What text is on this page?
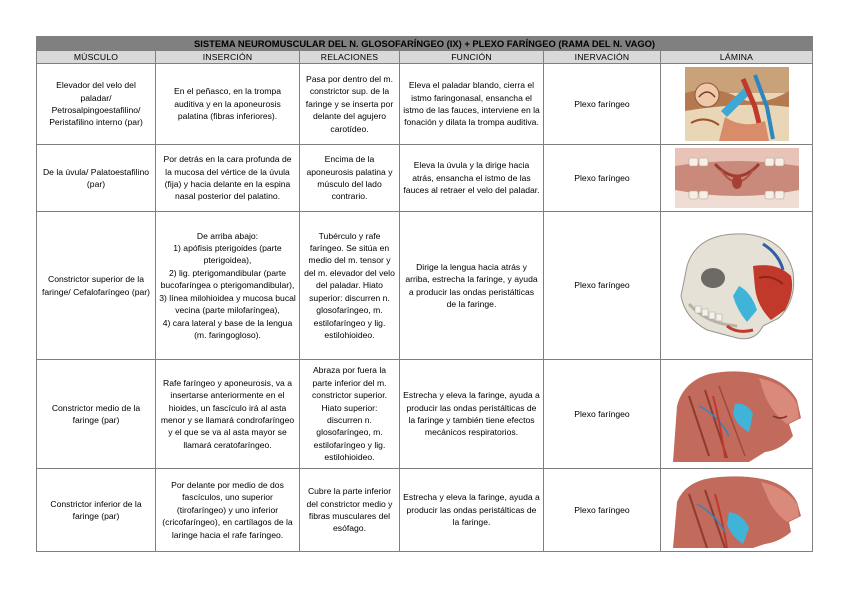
SISTEMA NEUROMUSCULAR DEL N. GLOSOFARÍNGEO (IX) + PLEXO FARÍNGEO (RAMA DEL N. VAGO)					
MÚSCULO	INSERCIÓN	RELACIONES	FUNCIÓN	INERVACIÓN	LÁMINA
Elevador del velo del paladar/ Petrosalpingoestafilino/ Peristafilino interno (par)	En el peñasco, en la trompa auditiva y en la aponeurosis palatina (fibras inferiores).	Pasa por dentro del m. constrictor sup. de la faringe y se inserta por delante del agujero carotídeo.	Eleva el paladar blando, cierra el istmo faringonasal, ensancha el istmo de las fauces, interviene en la fonación y dilata la trompa auditiva.	Plexo faríngeo	

De la úvula/ Palatoestafilino (par)	Por detrás en la cara profunda de la mucosa del vértice de la úvula (fija) y hacia delante en la espina nasal posterior del palatino.	Encima de la aponeurosis palatina y músculo del lado contrario.	Eleva la úvula y la dirige hacia atrás, ensancha el istmo de las fauces al retraer el velo del paladar.	Plexo faríngeo	

Constrictor superior de la faringe/ Cefalofaríngeo (par)	De arriba abajo:
1) apófisis pterigoides (parte pterigoidea),
2) lig. pterigomandibular (parte bucofaríngea o pterigomandibular),
3) línea milohioidea y mucosa bucal vecina (parte milofaríngea),
4) cara lateral y base de la lengua (m. faringogloso).	Tubérculo y rafe faríngeo. Se sitúa en medio del m. tensor y del m. elevador del velo del paladar. Hiato superior: discurren n. glosofaríngeo, m. estilofaríngeo y lig. estilohioideo.	Dirige la lengua hacia atrás y arriba, estrecha la faringe, y ayuda a producir las ondas peristálticas de la faringe.	Plexo faríngeo	

Constrictor medio de la faringe (par)	Rafe faríngeo y aponeurosis, va a insertarse anteriormente en el hioides, un fascículo irá al asta menor y se llamará condrofaríngeo y el que se va al asta mayor se llamará ceratofaríngeo.	Abraza por fuera la parte inferior del m. constrictor superior. Hiato superior: discurren n. glosofaríngeo, m. estilofaríngeo y lig. estilohioideo.	Estrecha y eleva la faringe, ayuda a producir las ondas peristálticas de la faringe y también tiene efectos mecánicos respiratorios.	Plexo faríngeo	

Constrictor inferior de la faringe (par)	Por delante por medio de dos fascículos, uno superior (tirofaríngeo) y uno inferior (cricofaríngeo), en cartílagos de la laringe hacia el rafe faríngeo.	Cubre la parte inferior del constrictor medio y fibras musculares del esófago.	Estrecha y eleva la faringe, ayuda a producir las ondas peristálticas de la faringe.	Plexo faríngeo	
